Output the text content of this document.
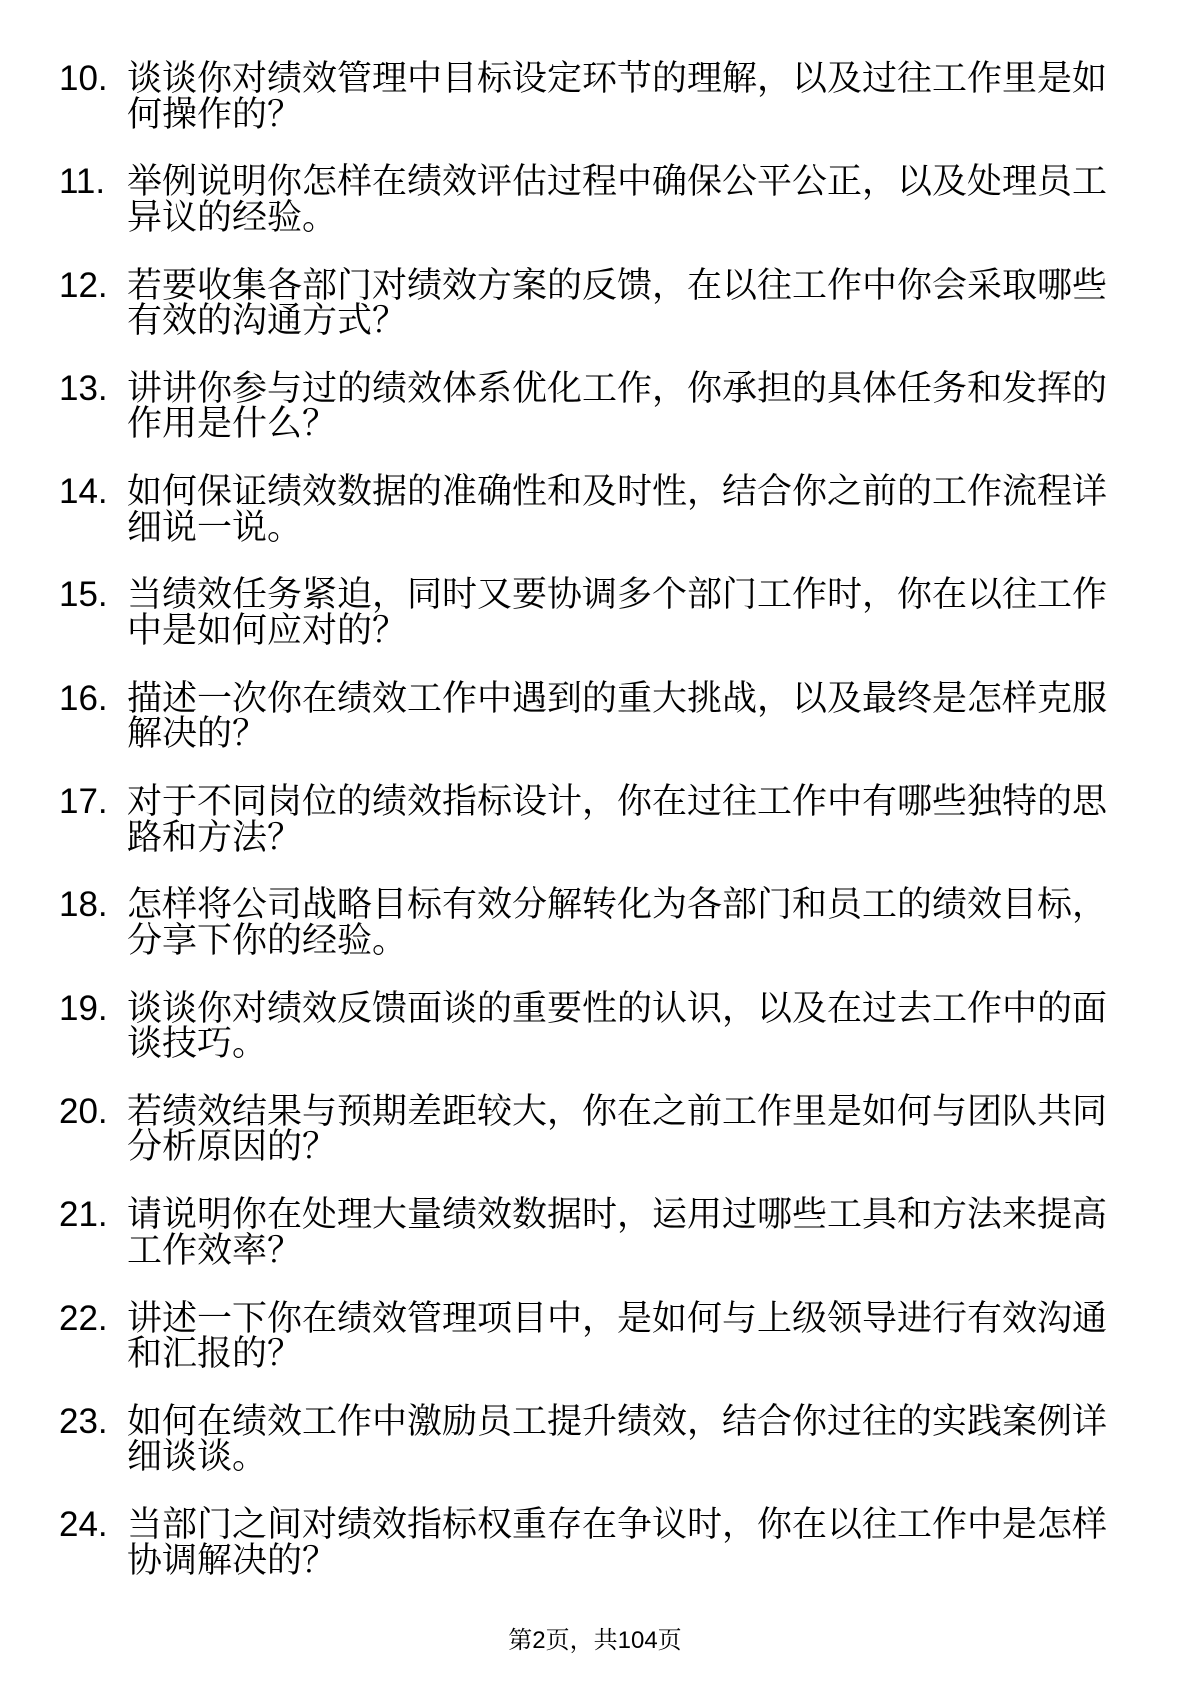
10. 谈谈你对绩效管理中目标设定环节的理解，以及过往工作里是如
何操作的？
11. 举例说明你怎样在绩效评估过程中确保公平公正，以及处理员工
异议的经验。
12. 若要收集各部门对绩效方案的反馈，在以往工作中你会采取哪些
有效的沟通方式？
13. 讲讲你参与过的绩效体系优化工作，你承担的具体任务和发挥的
作用是什么？
14. 如何保证绩效数据的准确性和及时性，结合你之前的工作流程详
细说一说。
15. 当绩效任务紧迫，同时又要协调多个部门工作时，你在以往工作
中是如何应对的？
16. 描述一次你在绩效工作中遇到的重大挑战，以及最终是怎样克服
解决的？
17. 对于不同岗位的绩效指标设计，你在过往工作中有哪些独特的思
路和方法？
18. 怎样将公司战略目标有效分解转化为各部门和员工的绩效目标，
分享下你的经验。
19. 谈谈你对绩效反馈面谈的重要性的认识，以及在过去工作中的面
谈技巧。
20. 若绩效结果与预期差距较大，你在之前工作里是如何与团队共同
分析原因的？
21. 请说明你在处理大量绩效数据时，运用过哪些工具和方法来提高
工作效率？
22. 讲述一下你在绩效管理项目中，是如何与上级领导进行有效沟通
和汇报的？
23. 如何在绩效工作中激励员工提升绩效，结合你过往的实践案例详
细谈谈。
24. 当部门之间对绩效指标权重存在争议时，你在以往工作中是怎样
协调解决的？
第2页，共104页
